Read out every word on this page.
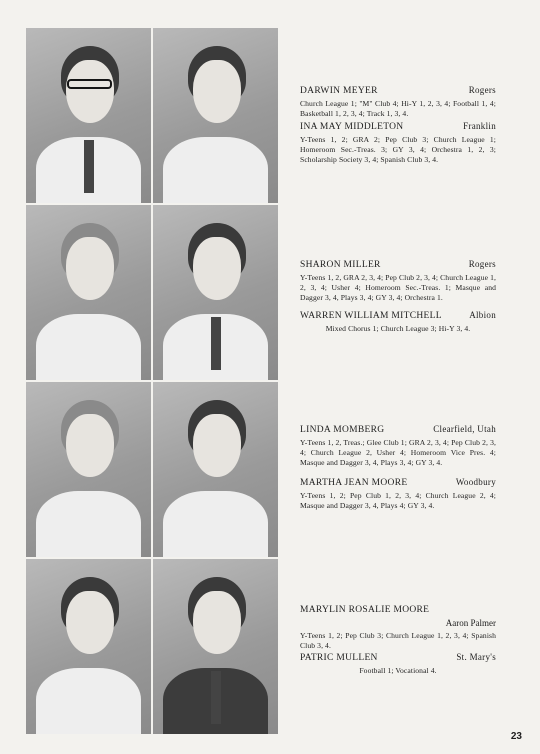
DARWIN MEYER	Rogers
Church League 1; "M" Club 4; Hi-Y 1, 2, 3, 4; Football 1, 4; Basketball 1, 2, 3, 4; Track 1, 3, 4.
INA MAY MIDDLETON	Franklin
Y-Teens 1, 2; GRA 2; Pep Club 3; Church League 1; Homeroom Sec.-Treas. 3; GY 3, 4; Orchestra 1, 2, 3; Scholarship Society 3, 4; Spanish Club 3, 4.
SHARON MILLER	Rogers
Y-Teens 1, 2, GRA 2, 3, 4; Pep Club 2, 3, 4; Church League 1, 2, 3, 4; Usher 4; Homeroom Sec.-Treas. 1; Masque and Dagger 3, 4, Plays 3, 4; GY 3, 4; Orchestra 1.
WARREN WILLIAM MITCHELL	Albion
Mixed Chorus 1; Church League 3; Hi-Y 3, 4.
LINDA MOMBERG	Clearfield, Utah
Y-Teens 1, 2, Treas.; Glee Club 1; GRA 2, 3, 4; Pep Club 2, 3, 4; Church League 2, Usher 4; Homeroom Vice Pres. 4; Masque and Dagger 3, 4, Plays 3, 4; GY 3, 4.
MARTHA JEAN MOORE	Woodbury
Y-Teens 1, 2; Pep Club 1, 2, 3, 4; Church League 2, 4; Masque and Dagger 3, 4, Plays 4; GY 3, 4.
MARYLIN ROSALIE MOORE
Aaron Palmer
Y-Teens 1, 2; Pep Club 3; Church League 1, 2, 3, 4; Spanish Club 3, 4.
PATRIC MULLEN	St. Mary's
Football 1; Vocational 4.
23
